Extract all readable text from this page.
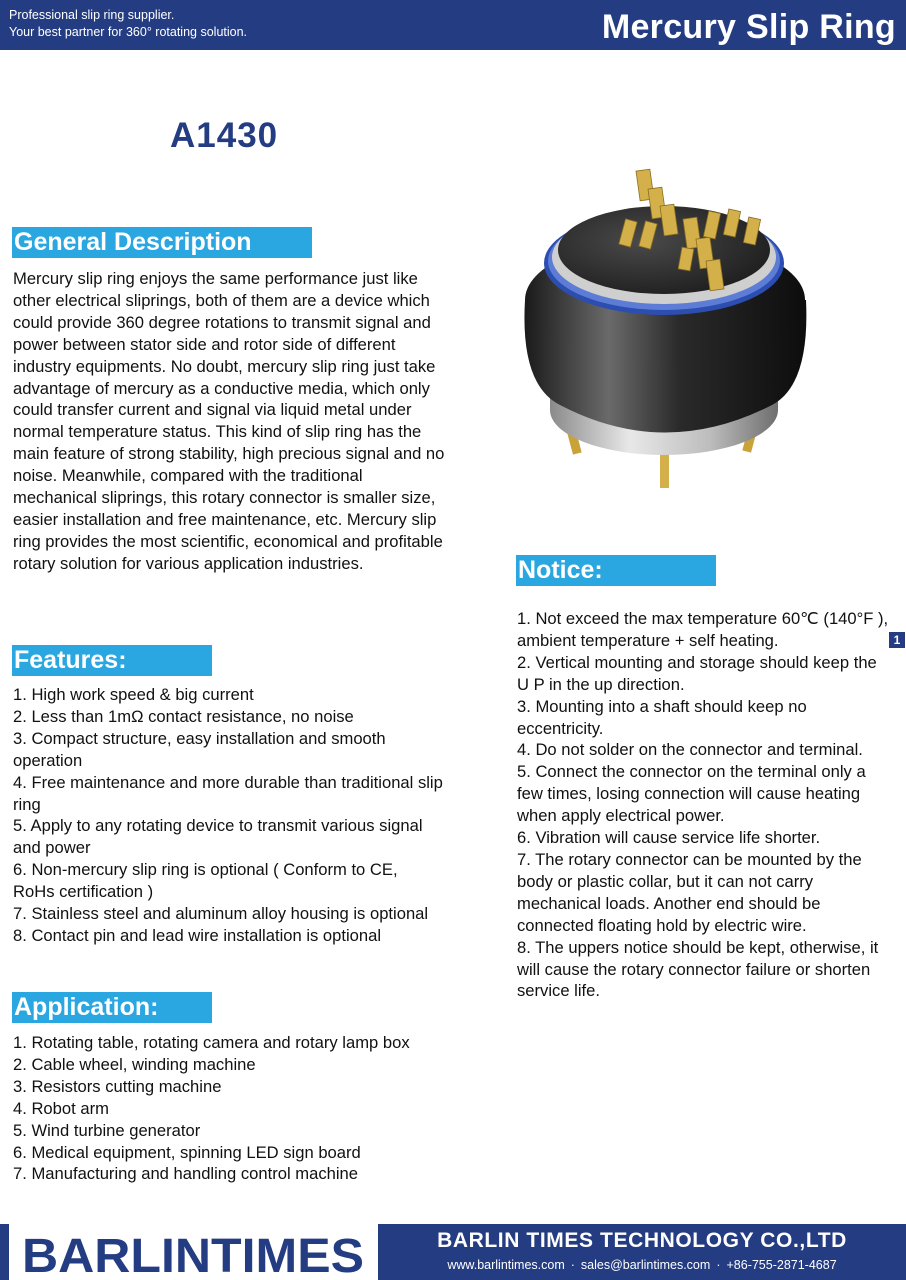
Professional slip ring supplier.
Your best partner for 360° rotating solution.	Mercury Slip Ring
A1430
General Description
Mercury slip ring enjoys the same performance just like other electrical sliprings, both of them are a device which could provide 360 degree rotations to transmit signal and power between stator side and rotor side of different industry equipments. No doubt, mercury slip ring just take advantage of mercury as a conductive media, which only could transfer current and signal via liquid metal under normal temperature status. This kind of slip ring has the main feature of strong stability, high precious signal and no noise. Meanwhile, compared with the traditional mechanical sliprings, this rotary connector is smaller size, easier installation and free maintenance, etc. Mercury slip ring provides the most scientific, economical and profitable rotary solution for various application industries.
Features:
1. High work speed & big current
2. Less than 1mΩ contact resistance, no noise
3. Compact structure, easy installation and smooth operation
4. Free maintenance and more durable than traditional slip ring
5. Apply to any rotating device to transmit various signal and power
6. Non-mercury slip ring is optional ( Conform to CE, RoHs certification )
7. Stainless steel and aluminum alloy housing is optional
8. Contact pin and lead wire installation is optional
Application:
1. Rotating table, rotating camera and rotary lamp box
2. Cable wheel, winding machine
3. Resistors cutting machine
4. Robot arm
5. Wind turbine generator
6. Medical equipment, spinning LED sign board
7. Manufacturing and handling control machine
Notice:
1. Not exceed the max temperature 60℃ (140°F ), ambient temperature + self heating.
2. Vertical mounting and storage should keep the U P in the up direction.
3. Mounting into a shaft should keep no eccentricity.
4. Do not solder on the connector and terminal.
5. Connect the connector on the terminal only a few times, losing connection will cause heating when apply electrical power.
6. Vibration will cause service life shorter.
7. The rotary connector can be mounted by the body or plastic collar, but it can not carry mechanical loads. Another end should be connected floating hold by electric wire.
8. The uppers notice should be kept, otherwise, it will cause the rotary connector failure or shorten service life.
1
BARLINTIMES	BARLIN TIMES TECHNOLOGY CO.,LTD
www.barlintimes.com · sales@barlintimes.com · +86-755-2871-4687
